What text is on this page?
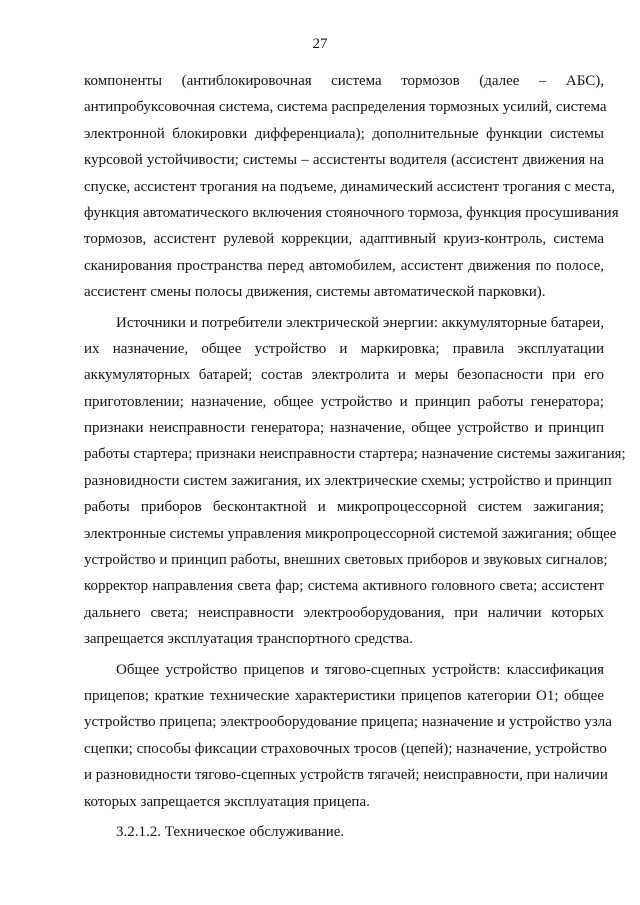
27
компоненты (антиблокировочная система тормозов (далее – АБС),
антипробуксовочная система, система распределения тормозных усилий, система
электронной блокировки дифференциала); дополнительные функции системы
курсовой устойчивости; системы – ассистенты водителя (ассистент движения на
спуске, ассистент трогания на подъеме, динамический ассистент трогания с места,
функция автоматического включения стояночного тормоза, функция просушивания
тормозов, ассистент рулевой коррекции, адаптивный круиз-контроль, система
сканирования пространства перед автомобилем, ассистент движения по полосе,
ассистент смены полосы движения, системы автоматической парковки).
Источники и потребители электрической энергии: аккумуляторные батареи,
их назначение, общее устройство и маркировка; правила эксплуатации
аккумуляторных батарей; состав электролита и меры безопасности при его
приготовлении; назначение, общее устройство и принцип работы генератора;
признаки неисправности генератора; назначение, общее устройство и принцип
работы стартера; признаки неисправности стартера; назначение системы зажигания;
разновидности систем зажигания, их электрические схемы; устройство и принцип
работы приборов бесконтактной и микропроцессорной систем зажигания;
электронные системы управления микропроцессорной системой зажигания; общее
устройство и принцип работы, внешних световых приборов и звуковых сигналов;
корректор направления света фар; система активного головного света; ассистент
дальнего света; неисправности электрооборудования, при наличии которых
запрещается эксплуатация транспортного средства.
Общее устройство прицепов и тягово-сцепных устройств: классификация
прицепов; краткие технические характеристики прицепов категории О1; общее
устройство прицепа; электрооборудование прицепа; назначение и устройство узла
сцепки; способы фиксации страховочных тросов (цепей); назначение, устройство
и разновидности тягово-сцепных устройств тягачей; неисправности, при наличии
которых запрещается эксплуатация прицепа.
3.2.1.2. Техническое обслуживание.
